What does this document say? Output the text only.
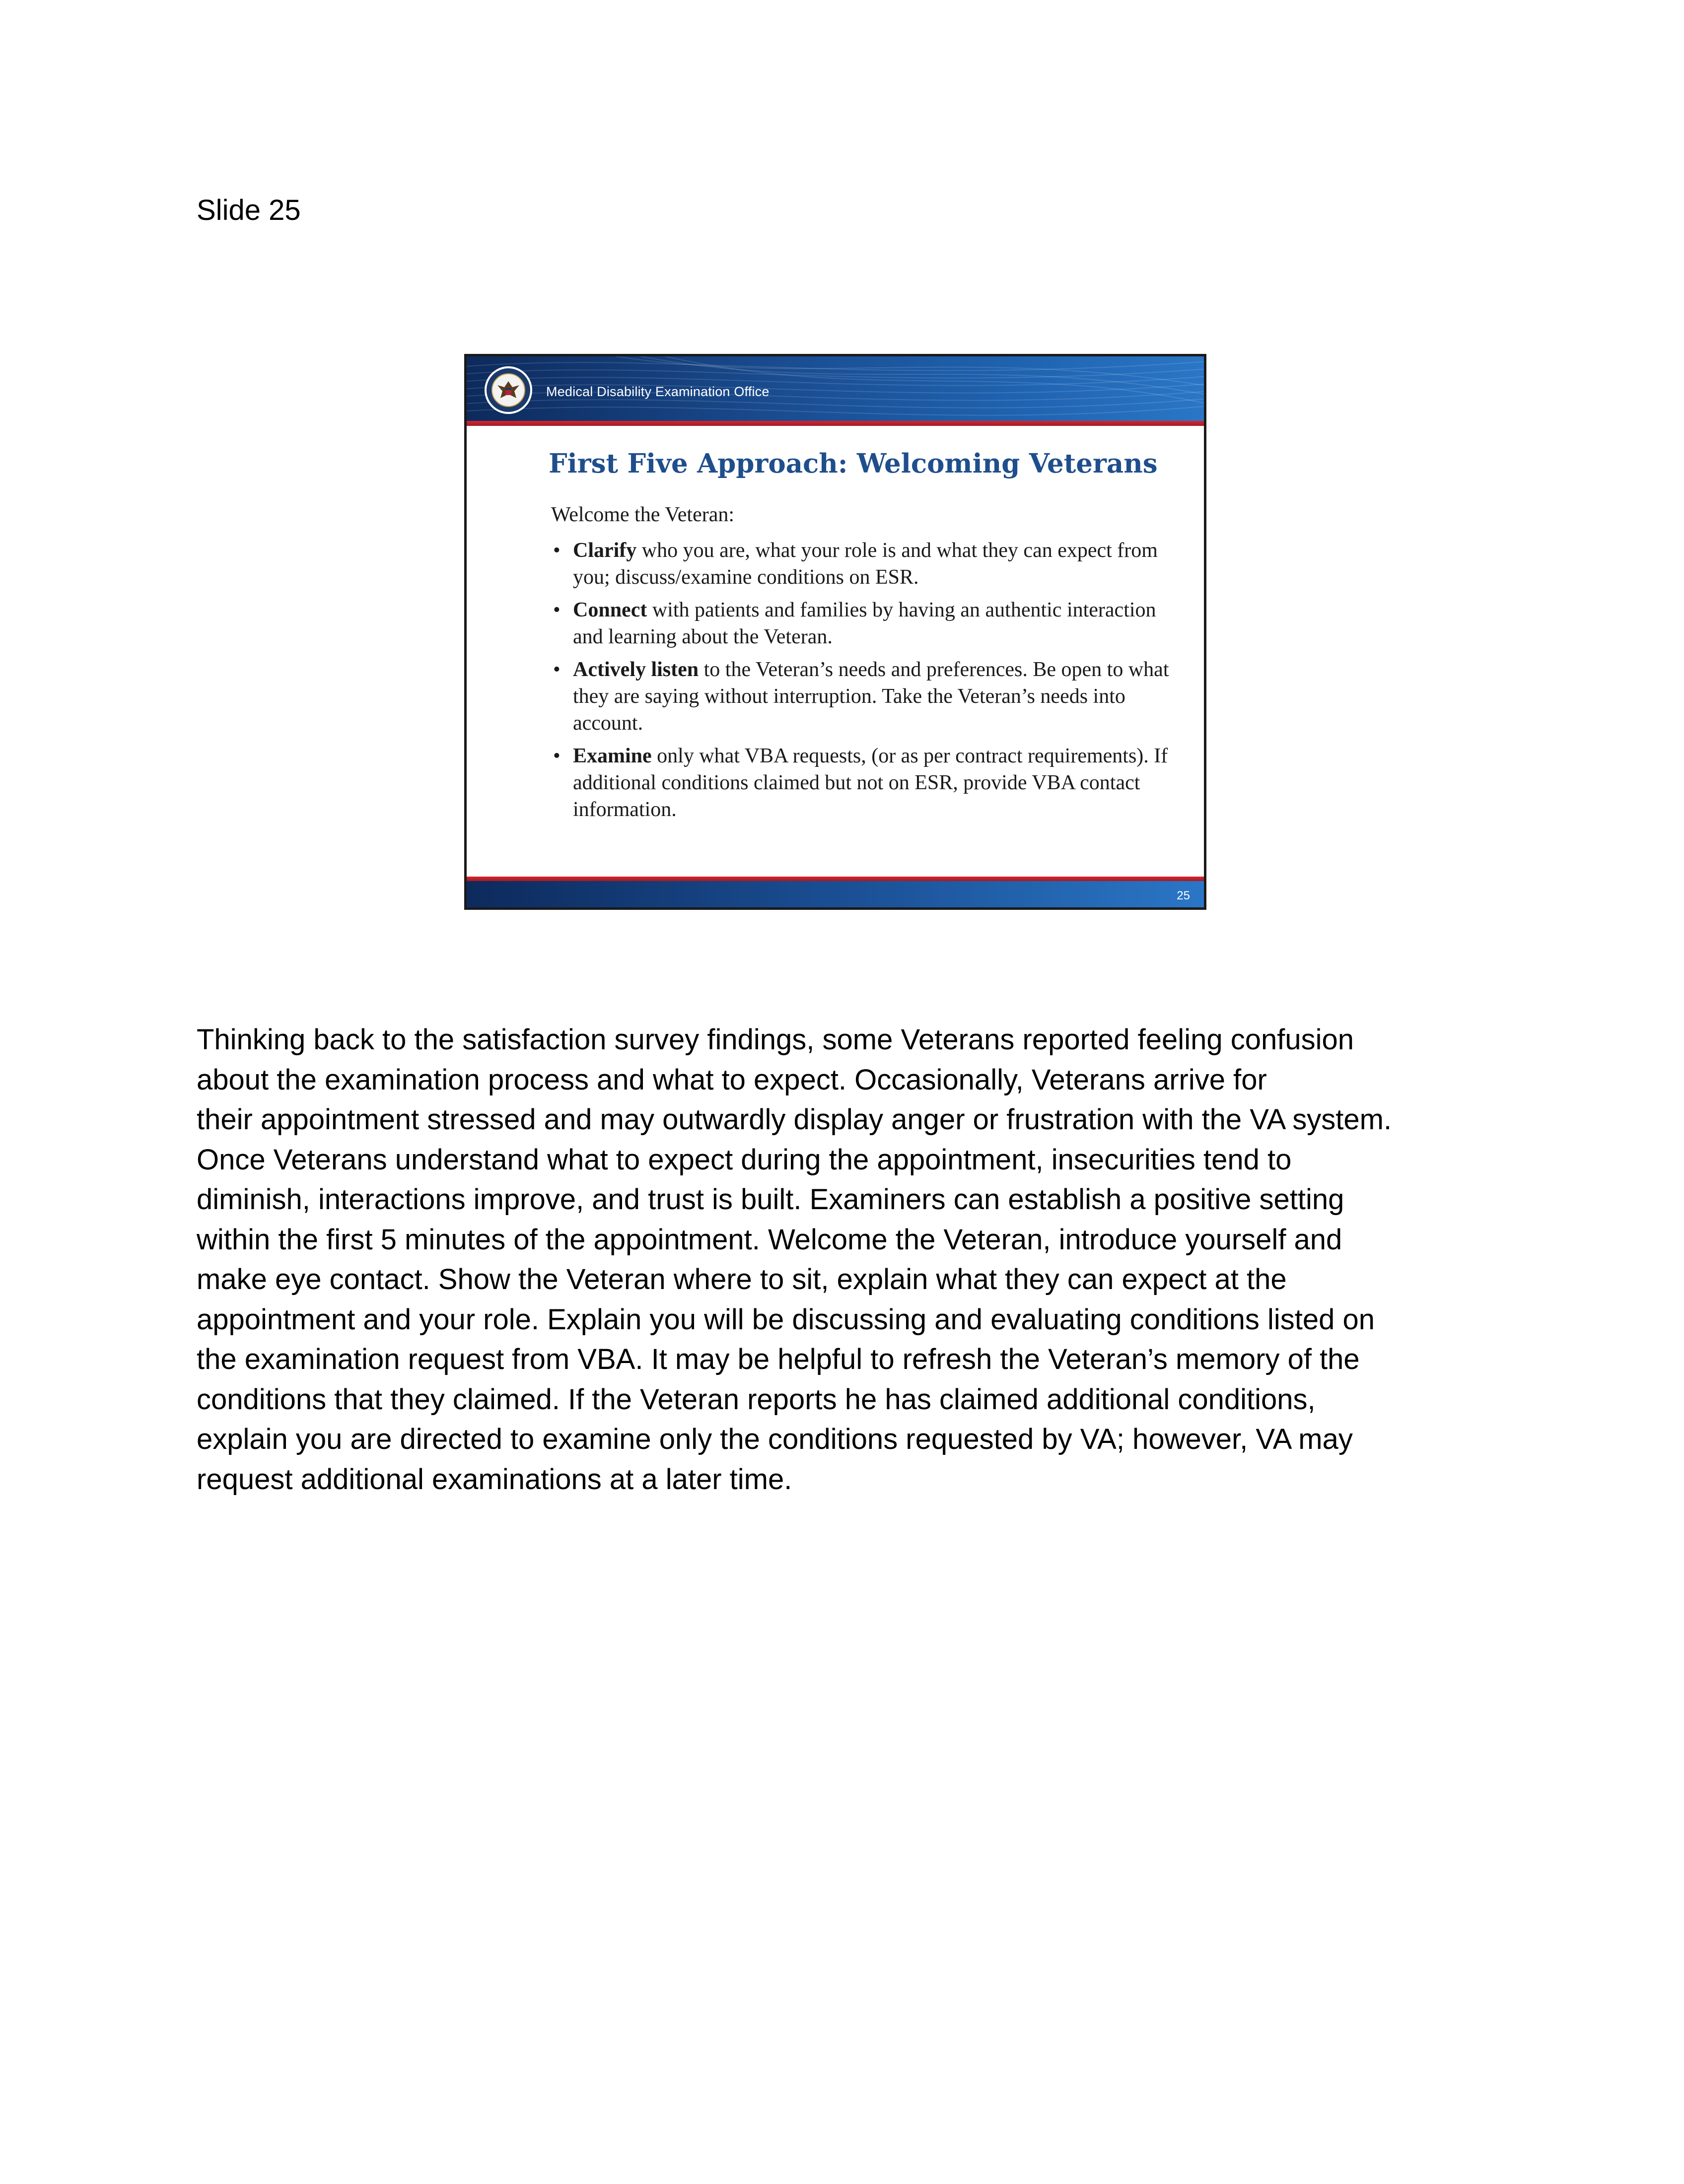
Slide 25
Medical Disability Examination Office
First Five Approach: Welcoming Veterans

Welcome the Veteran:

• Clarify who you are, what your role is and what they can expect from you; discuss/examine conditions on ESR.
• Connect with patients and families by having an authentic interaction and learning about the Veteran.
• Actively listen to the Veteran’s needs and preferences. Be open to what they are saying without interruption. Take the Veteran’s needs into account.
• Examine only what VBA requests, (or as per contract requirements). If additional conditions claimed but not on ESR, provide VBA contact information.
25
Thinking back to the satisfaction survey findings, some Veterans reported feeling confusion
about the examination process and what to expect. Occasionally, Veterans arrive for
their appointment stressed and may outwardly display anger or frustration with the VA system.
Once Veterans understand what to expect during the appointment, insecurities tend to
diminish, interactions improve, and trust is built. Examiners can establish a positive setting
within the first 5 minutes of the appointment. Welcome the Veteran, introduce yourself and
make eye contact. Show the Veteran where to sit, explain what they can expect at the
appointment and your role. Explain you will be discussing and evaluating conditions listed on
the examination request from VBA. It may be helpful to refresh the Veteran’s memory of the
conditions that they claimed. If the Veteran reports he has claimed additional conditions,
explain you are directed to examine only the conditions requested by VA; however, VA may
request additional examinations at a later time.
